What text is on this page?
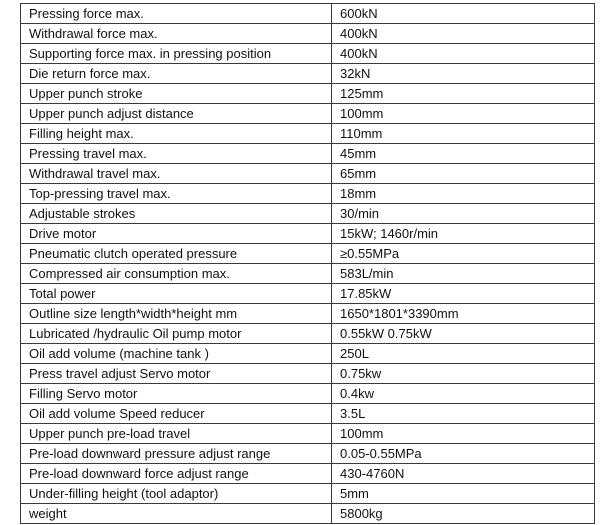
Pressing force max.	600kN
Withdrawal force max.	400kN
Supporting force max. in pressing position	400kN
Die return force max.	32kN
Upper punch stroke	125mm
Upper punch adjust distance	100mm
Filling height max.	110mm
Pressing travel max.	45mm
Withdrawal travel max.	65mm
Top-pressing travel max.	18mm
Adjustable strokes	30/min
Drive motor	15kW; 1460r/min
Pneumatic clutch operated pressure	≥0.55MPa
Compressed air consumption max.	583L/min
Total power	17.85kW
Outline size length*width*height mm	1650*1801*3390mm
Lubricated /hydraulic Oil pump motor	0.55kW 0.75kW
Oil add volume (machine tank )	250L
Press travel adjust Servo motor	0.75kw
Filling Servo motor	0.4kw
Oil add volume Speed reducer	3.5L
Upper punch pre-load travel	100mm
Pre-load downward pressure adjust range	0.05-0.55MPa
Pre-load downward force adjust range	430-4760N
Under-filling height (tool adaptor)	5mm
weight	5800kg
